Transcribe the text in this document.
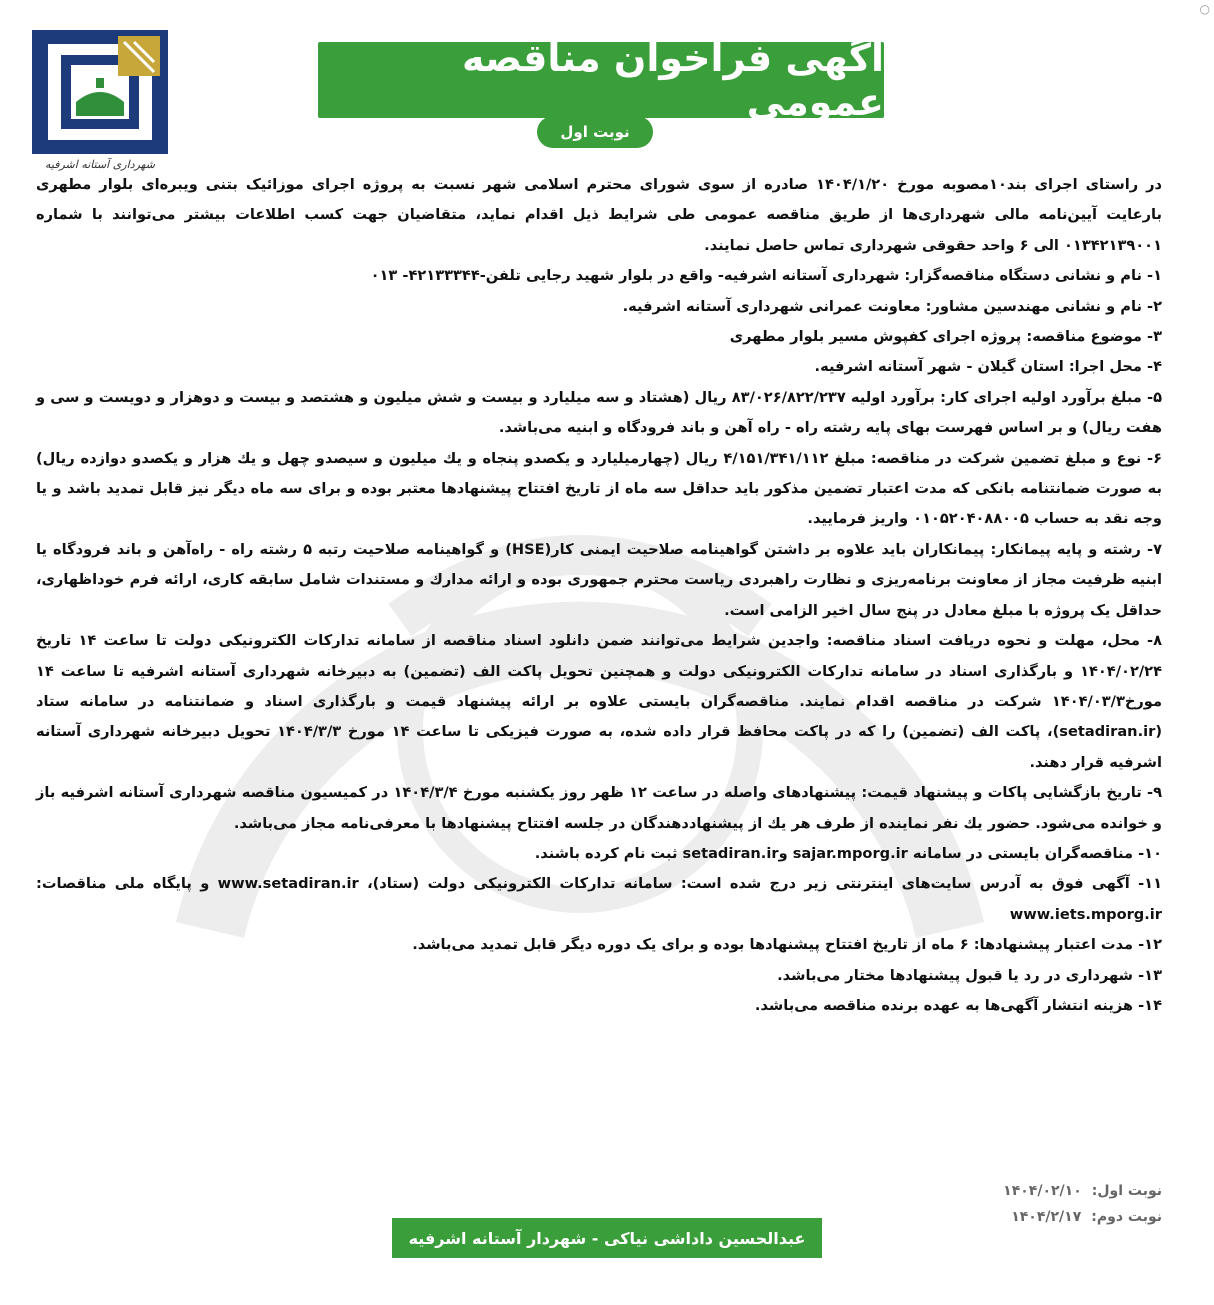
○
شهرداری آستانه اشرفیه
آگهی فراخوان مناقصه عمومی
نوبت اول

در راستای اجرای بند۱۰مصوبه مورخ ۱۴۰۴/۱/۲۰ صادره از سوی شورای محترم اسلامی شهر نسبت به پروژه اجرای موزائیک بتنی ویبره‌ای بلوار مطهری بارعایت آیین‌نامه مالی شهرداری‌ها از طریق مناقصه عمومی طی شرایط ذیل اقدام نماید، متقاضیان جهت کسب اطلاعات بیشتر می‌توانند با شماره ۰۱۳۴۲۱۳۹۰۰۱ الی ۶ واحد حقوقی شهرداری تماس حاصل نمایند.

۱- نام و نشانی دستگاه مناقصه‌گزار: شهرداری آستانه اشرفیه- واقع در بلوار شهید رجایی تلفن-۴۲۱۳۳۳۴۴- ۰۱۳

۲- نام و نشانی مهندسین مشاور: معاونت عمرانی شهرداری آستانه اشرفیه.

۳- موضوع مناقصه: پروژه اجرای کفپوش مسیر بلوار مطهری

۴- محل اجرا: استان گیلان - شهر آستانه اشرفیه.

۵- مبلغ برآورد اولیه اجرای کار: برآورد اولیه ۸۳/۰۲۶/۸۲۲/۲۳۷ ریال (هشتاد و سه میلیارد و بیست و شش میلیون و هشتصد و بیست و دوهزار و دویست و سی و هفت ریال) و بر اساس فهرست بهای پایه رشته راه - راه آهن و باند فرودگاه و ابنیه می‌باشد.

۶- نوع و مبلغ تضمین شرکت در مناقصه: مبلغ ۴/۱۵۱/۳۴۱/۱۱۲ ریال (چهارمیلیارد و یکصدو پنجاه و یك میلیون و سیصدو چهل و یك هزار و یکصدو دوازده ریال) به صورت ضمانتنامه بانکی که مدت اعتبار تضمین مذکور باید حداقل سه ماه از تاریخ افتتاح پیشنهادها معتبر بوده و برای سه ماه دیگر نیز قابل تمدید باشد و یا وجه نقد به حساب ۰۱۰۵۲۰۴۰۸۸۰۰۵ واریز فرمایید.

۷- رشته و پایه پیمانکار: پیمانکاران باید علاوه بر داشتن گواهینامه صلاحیت ایمنی کار(HSE) و گواهینامه صلاحیت رتبه ۵ رشته راه - راه‌آهن و باند فرودگاه یا ابنیه ظرفیت مجاز از معاونت برنامه‌ریزی و نظارت راهبردی ریاست محترم جمهوری بوده و ارائه مدارك و مستندات شامل سابقه کاری، ارائه فرم خوداظهاری، حداقل یک پروژه با مبلغ معادل در پنج سال اخیر الزامی است.

۸- محل، مهلت و نحوه دریافت اسناد مناقصه: واجدین شرایط می‌توانند ضمن دانلود اسناد مناقصه از سامانه تدارکات الکترونیکی دولت تا ساعت ۱۴ تاریخ ۱۴۰۴/۰۲/۲۴ و بارگذاری اسناد در سامانه تدارکات الکترونیکی دولت و همچنین تحویل پاکت الف (تضمین) به دبیرخانه شهرداری آستانه اشرفیه تا ساعت ۱۴ مورخ۱۴۰۴/۰۳/۳ شرکت در مناقصه اقدام نمایند. مناقصه‌گران بایستی علاوه بر ارائه پیشنهاد قیمت و بارگذاری اسناد و ضمانتنامه در سامانه ستاد (setadiran.ir)، پاکت الف (تضمین) را که در پاکت محافظ قرار داده شده، به صورت فیزیکی تا ساعت ۱۴ مورخ ۱۴۰۴/۳/۳ تحویل دبیرخانه شهرداری آستانه اشرفیه قرار دهند.

۹- تاریخ بازگشایی پاکات و پیشنهاد قیمت: پیشنهادهای واصله در ساعت ۱۲ ظهر روز یکشنبه مورخ ۱۴۰۴/۳/۴ در کمیسیون مناقصه شهرداری آستانه اشرفیه باز و خوانده می‌شود. حضور یك نفر نماینده از طرف هر یك از پیشنهاددهندگان در جلسه افتتاح پیشنهادها با معرفی‌نامه مجاز می‌باشد.

۱۰- مناقصه‌گران بایستی در سامانه sajar.mporg.ir وsetadiran.ir ثبت نام کرده باشند.

۱۱- آگهی فوق به آدرس سایت‌های اینترنتی زیر درج شده است: سامانه تدارکات الکترونیکی دولت (ستاد)، www.setadiran.ir و پایگاه ملی مناقصات: www.iets.mporg.ir

۱۲- مدت اعتبار پیشنهادها: ۶ ماه از تاریخ افتتاح پیشنهادها بوده و برای یک دوره دیگر قابل تمدید می‌باشد.

۱۳- شهرداری در رد یا قبول پیشنهادها مختار می‌باشد.

۱۴- هزینه انتشار آگهی‌ها به عهده برنده مناقصه می‌باشد.

نوبت اول:
۱۴۰۴/۰۲/۱۰
نوبت دوم:
۱۴۰۴/۲/۱۷
عبدالحسین داداشی نیاکی - شهردار آستانه اشرفیه
